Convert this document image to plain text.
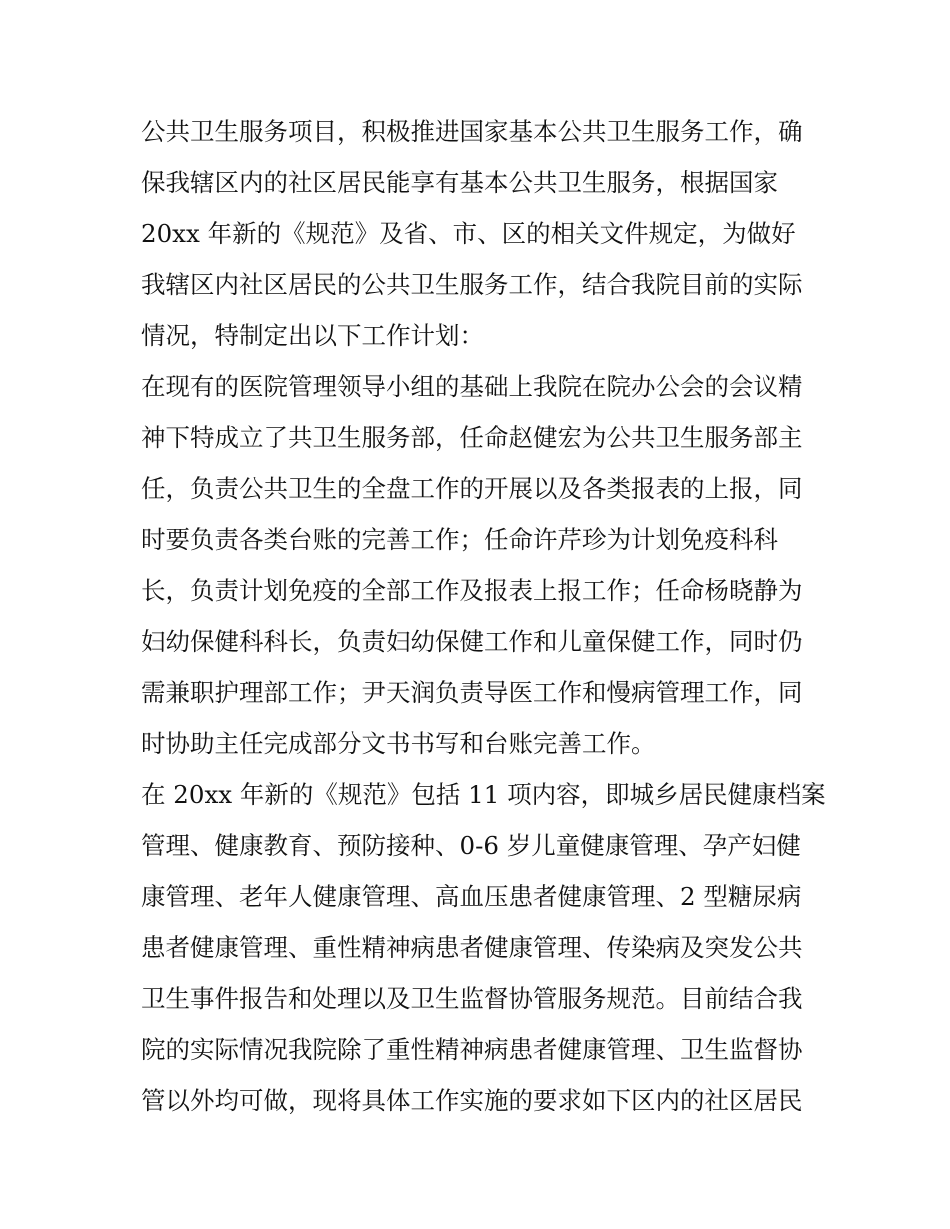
公共卫生服务项目，积极推进国家基本公共卫生服务工作，确
保我辖区内的社区居民能享有基本公共卫生服务，根据国家
20xx 年新的《规范》及省、市、区的相关文件规定，为做好
我辖区内社区居民的公共卫生服务工作，结合我院目前的实际
情况，特制定出以下工作计划：
在现有的医院管理领导小组的基础上我院在院办公会的会议精
神下特成立了共卫生服务部，任命赵健宏为公共卫生服务部主
任，负责公共卫生的全盘工作的开展以及各类报表的上报，同
时要负责各类台账的完善工作；任命许芹珍为计划免疫科科
长，负责计划免疫的全部工作及报表上报工作；任命杨晓静为
妇幼保健科科长，负责妇幼保健工作和儿童保健工作，同时仍
需兼职护理部工作；尹天润负责导医工作和慢病管理工作，同
时协助主任完成部分文书书写和台账完善工作。
在 20xx 年新的《规范》包括 11 项内容，即城乡居民健康档案
管理、健康教育、预防接种、0-6 岁儿童健康管理、孕产妇健
康管理、老年人健康管理、高血压患者健康管理、2 型糖尿病
患者健康管理、重性精神病患者健康管理、传染病及突发公共
卫生事件报告和处理以及卫生监督协管服务规范。目前结合我
院的实际情况我院除了重性精神病患者健康管理、卫生监督协
管以外均可做，现将具体工作实施的要求如下区内的社区居民
